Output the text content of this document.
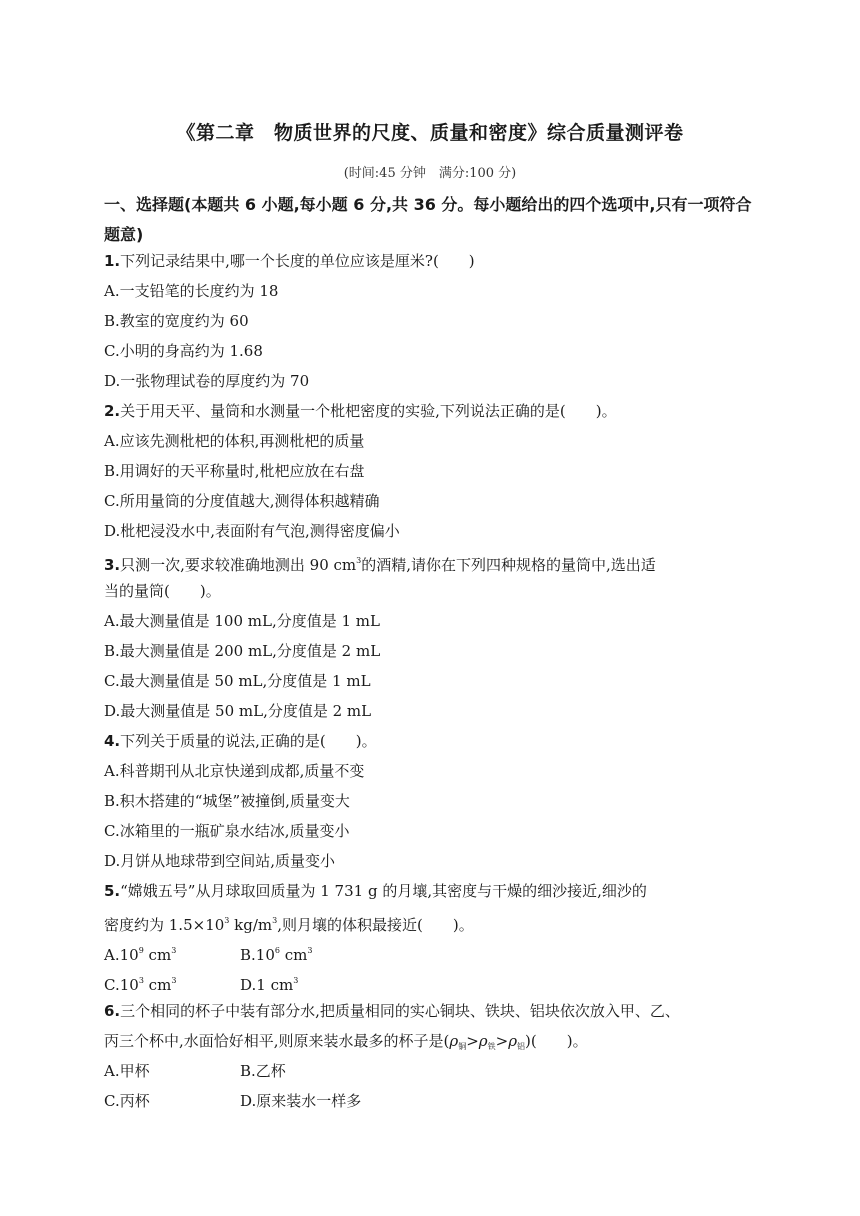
《第二章　物质世界的尺度、质量和密度》综合质量测评卷
(时间:45 分钟　满分:100 分)
一、选择题(本题共 6 小题,每小题 6 分,共 36 分。每小题给出的四个选项中,只有一项符合题意)
1.下列记录结果中,哪一个长度的单位应该是厘米?(　　)
A.一支铅笔的长度约为 18
B.教室的宽度约为 60
C.小明的身高约为 1.68
D.一张物理试卷的厚度约为 70
2.关于用天平、量筒和水测量一个枇杷密度的实验,下列说法正确的是(　　)。
A.应该先测枇杷的体积,再测枇杷的质量
B.用调好的天平称量时,枇杷应放在右盘
C.所用量筒的分度值越大,测得体积越精确
D.枇杷浸没水中,表面附有气泡,测得密度偏小
3.只测一次,要求较准确地测出 90 $cm^3$的酒精,请你在下列四种规格的量筒中,选出适
当的量筒(　　)。
A.最大测量值是 100 mL,分度值是 1 mL
B.最大测量值是 200 mL,分度值是 2 mL
C.最大测量值是 50 mL,分度值是 1 mL
D.最大测量值是 50 mL,分度值是 2 mL
4.下列关于质量的说法,正确的是(　　)。
A.科普期刊从北京快递到成都,质量不变
B.积木搭建的“城堡”被撞倒,质量变大
C.冰箱里的一瓶矿泉水结冰,质量变小
D.月饼从地球带到空间站,质量变小
5.“嫦娥五号”从月球取回质量为 1 731 g 的月壤,其密度与干燥的细沙接近,细沙的
密度约为 $1.5\times 10^3$ $kg/m^3$,则月壤的体积最接近(　　)。
$A.10^9$ $cm^3$	$B.10^6$ $cm^3$
$C.10^3$ $cm^3$	D.1 $cm^3$
6.三个相同的杯子中装有部分水,把质量相同的实心铜块、铁块、铝块依次放入甲、乙、
丙三个杯中,水面恰好相平,则原来装水最多的杯子是$(\rho_铜>\rho_铁>\rho_铝)$(　　)。
A.甲杯	B.乙杯
C.丙杯	D.原来装水一样多
